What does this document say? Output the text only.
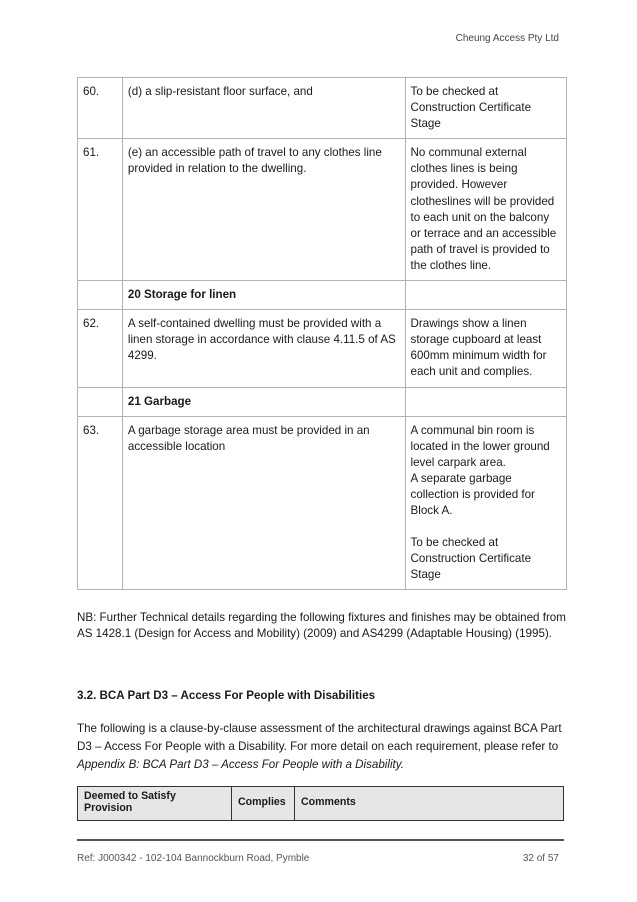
Cheung Access Pty Ltd
60.	(d) a slip-resistant floor surface, and	To be checked at Construction Certificate Stage
61.	(e) an accessible path of travel to any clothes line provided in relation to the dwelling.	No communal external clothes lines is being provided. However clotheslines will be provided to each unit on the balcony or terrace and an accessible path of travel is provided to the clothes line.
	20 Storage for linen	
62.	A self-contained dwelling must be provided with a linen storage in accordance with clause 4.11.5 of AS 4299.	Drawings show a linen storage cupboard at least 600mm minimum width for each unit and complies.
	21 Garbage	
63.	A garbage storage area must be provided in an accessible location	A communal bin room is located in the lower ground level carpark area.
A separate garbage collection is provided for Block A.
To be checked at Construction Certificate Stage
NB: Further Technical details regarding the following fixtures and finishes may be obtained from AS 1428.1 (Design for Access and Mobility) (2009) and AS4299 (Adaptable Housing) (1995).
3.2. BCA Part D3 – Access For People with Disabilities
The following is a clause-by-clause assessment of the architectural drawings against BCA Part D3 – Access For People with a Disability. For more detail on each requirement, please refer to Appendix B: BCA Part D3 – Access For People with a Disability.
Deemed to Satisfy Provision	Complies	Comments
Ref: J000342 - 102-104 Bannockburn Road, Pymble	32 of 57
